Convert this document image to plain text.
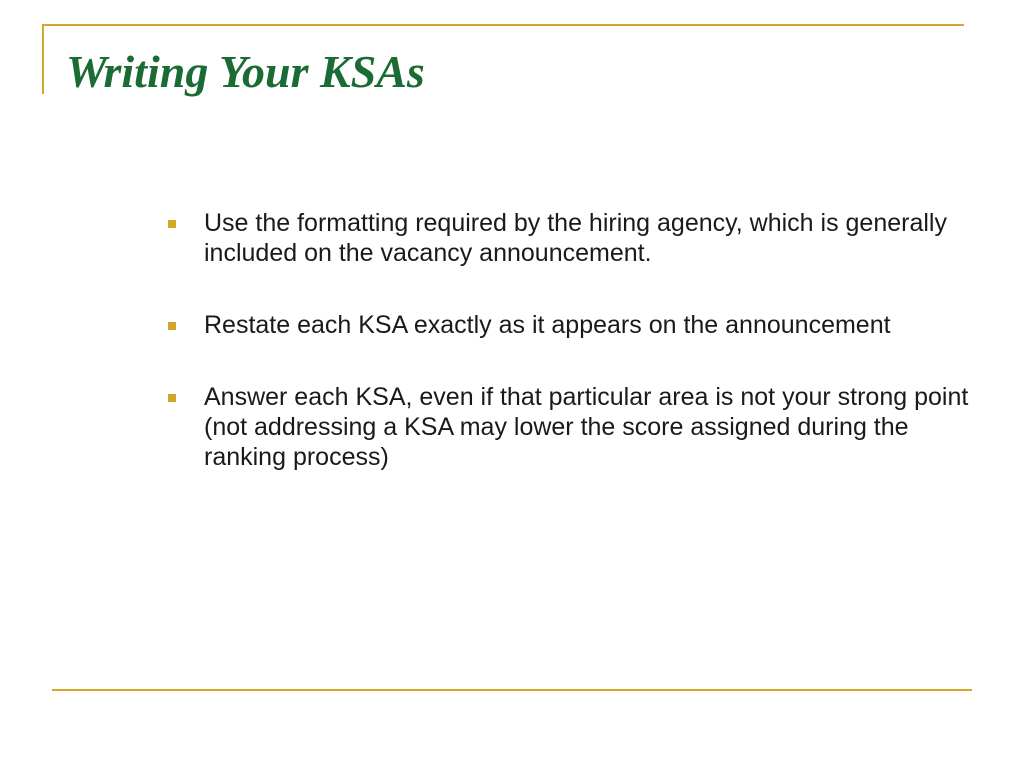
Writing Your KSAs
Use the formatting required by the hiring agency, which is generally included on the vacancy announcement.
Restate each KSA exactly as it appears on the announcement
Answer each KSA, even if that particular area is not your strong point (not addressing a KSA may lower the score assigned during the ranking process)
